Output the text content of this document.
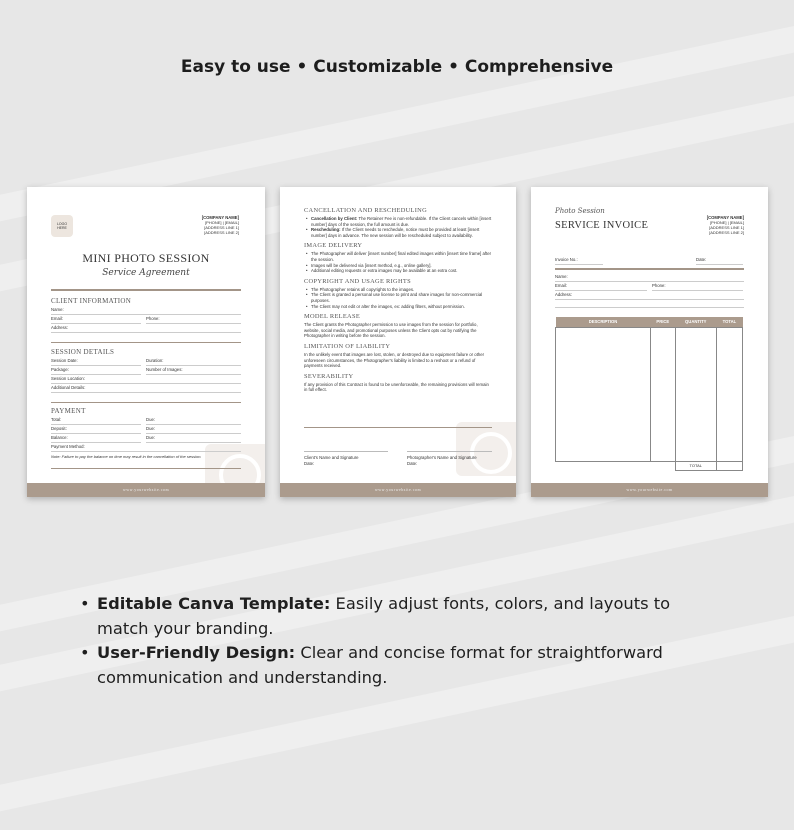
Easy to use • Customizable • Comprehensive
LOGO HERE
[COMPANY NAME]
[PHONE] | [EMAIL]
[ADDRESS LINE 1]
[ADDRESS LINE 2]
MINI PHOTO SESSION
Service Agreement
CLIENT INFORMATION
Name:
Email:	Phone:
Address:
SESSION DETAILS
Session Date:	Duration:
Package:	Number of Images:
Session Location:
Additional Details:
PAYMENT
Total:	Due:
Deposit:	Due:
Balance:	Due:
Payment Method:
Note: Failure to pay the balance on time may result in the cancellation of the session.
www.yourwebsite.com
CANCELLATION AND RESCHEDULING
• Cancellation by Client: The Retainer Fee is non-refundable. If the Client cancels within [insert number] days of the session, the full amount is due.
• Rescheduling: If the Client needs to reschedule, notice must be provided at least [insert number] days in advance. The new session will be rescheduled subject to availability.
IMAGE DELIVERY
• The Photographer will deliver [insert number] final edited images within [insert time frame] after the session.
• Images will be delivered via [insert method, e.g., online gallery].
• Additional editing requests or extra images may be available at an extra cost.
COPYRIGHT AND USAGE RIGHTS
• The Photographer retains all copyrights to the images.
• The Client is granted a personal use license to print and share images for non-commercial purposes.
• The Client may not edit or alter the images, ex: adding filters, without permission.
MODEL RELEASE

The Client grants the Photographer permission to use images from the session for portfolio, website, social media, and promotional purposes unless the Client opts out by notifying the Photographer in writing before the session.

LIMITATION OF LIABILITY

In the unlikely event that images are lost, stolen, or destroyed due to equipment failure or other unforeseen circumstances, the Photographer's liability is limited to a reshoot or a refund of payments received.

SEVERABILITY

If any provision of this Contract is found to be unenforceable, the remaining provisions will remain in full effect.

Client's Name and Signature
Date:
Photographer's Name and Signature
Date:
www.yourwebsite.com
Photo Session
SERVICE INVOICE
[COMPANY NAME]
[PHONE] | [EMAIL]
[ADDRESS LINE 1]
[ADDRESS LINE 2]
Invoice No.:	Date:
Name:
Email:	Phone:
Address:
DESCRIPTION	PRICE	QUANTITY	TOTAL

		TOTAL	
www.yourwebsite.com
• Editable Canva Template: Easily adjust fonts, colors, and layouts to match your branding.
• User-Friendly Design: Clear and concise format for straightforward communication and understanding.
